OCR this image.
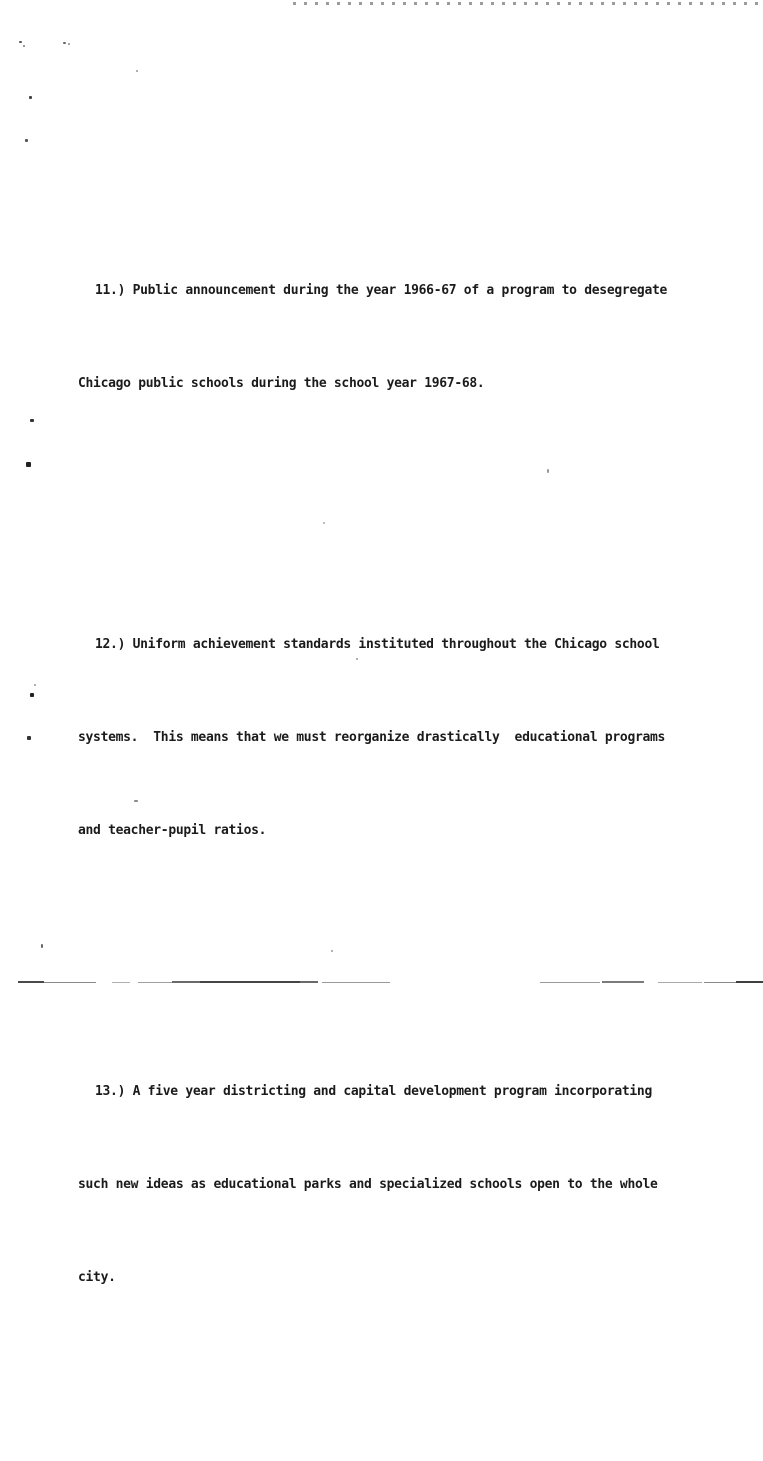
11.) Public announcement during the year 1966-67 of a program to desegregate

Chicago public schools during the school year 1967-68.

12.) Uniform achievement standards instituted throughout the Chicago school

systems.  This means that we must reorganize drastically  educational programs

and teacher-pupil ratios.

13.) A five year districting and capital development program incorporating

such new ideas as educational parks and specialized schools open to the whole

city.
